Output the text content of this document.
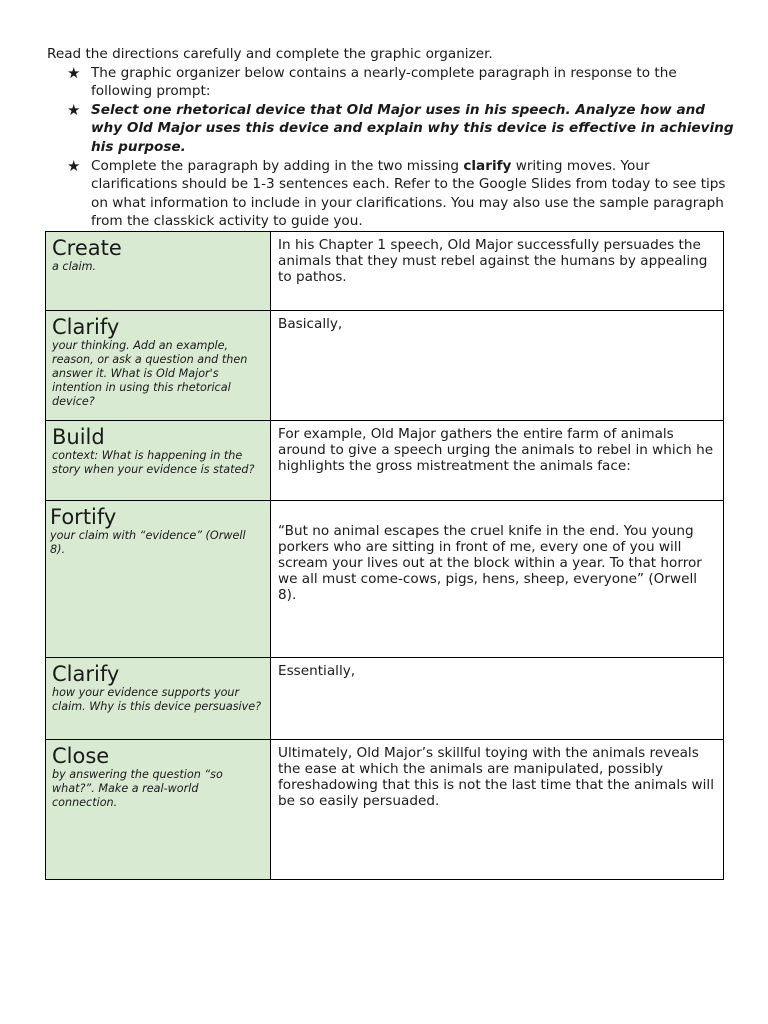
Read the directions carefully and complete the graphic organizer.

★ The graphic organizer below contains a nearly-complete paragraph in response to the following prompt:
★ Select one rhetorical device that Old Major uses in his speech. Analyze how and why Old Major uses this device and explain why this device is effective in achieving his purpose.
★ Complete the paragraph by adding in the two missing clarify writing moves. Your clarifications should be 1-3 sentences each. Refer to the Google Slides from today to see tips on what information to include in your clarifications. You may also use the sample paragraph from the classkick activity to guide you.
Create
a claim.	In his Chapter 1 speech, Old Major successfully persuades the animals that they must rebel against the humans by appealing to pathos.

Clarify
your thinking. Add an example, reason, or ask a question and then answer it. What is Old Major's intention in using this rhetorical device?	Basically,

Build
context: What is happening in the story when your evidence is stated?	For example, Old Major gathers the entire farm of animals around to give a speech urging the animals to rebel in which he highlights the gross mistreatment the animals face:

Fortify
your claim with “evidence” (Orwell 8).	“But no animal escapes the cruel knife in the end. You young porkers who are sitting in front of me, every one of you will scream your lives out at the block within a year. To that horror we all must come-cows, pigs, hens, sheep, everyone” (Orwell 8).

Clarify
how your evidence supports your claim. Why is this device persuasive?	Essentially,

Close
by answering the question “so what?”. Make a real-world connection.	Ultimately, Old Major’s skillful toying with the animals reveals the ease at which the animals are manipulated, possibly foreshadowing that this is not the last time that the animals will be so easily persuaded.
